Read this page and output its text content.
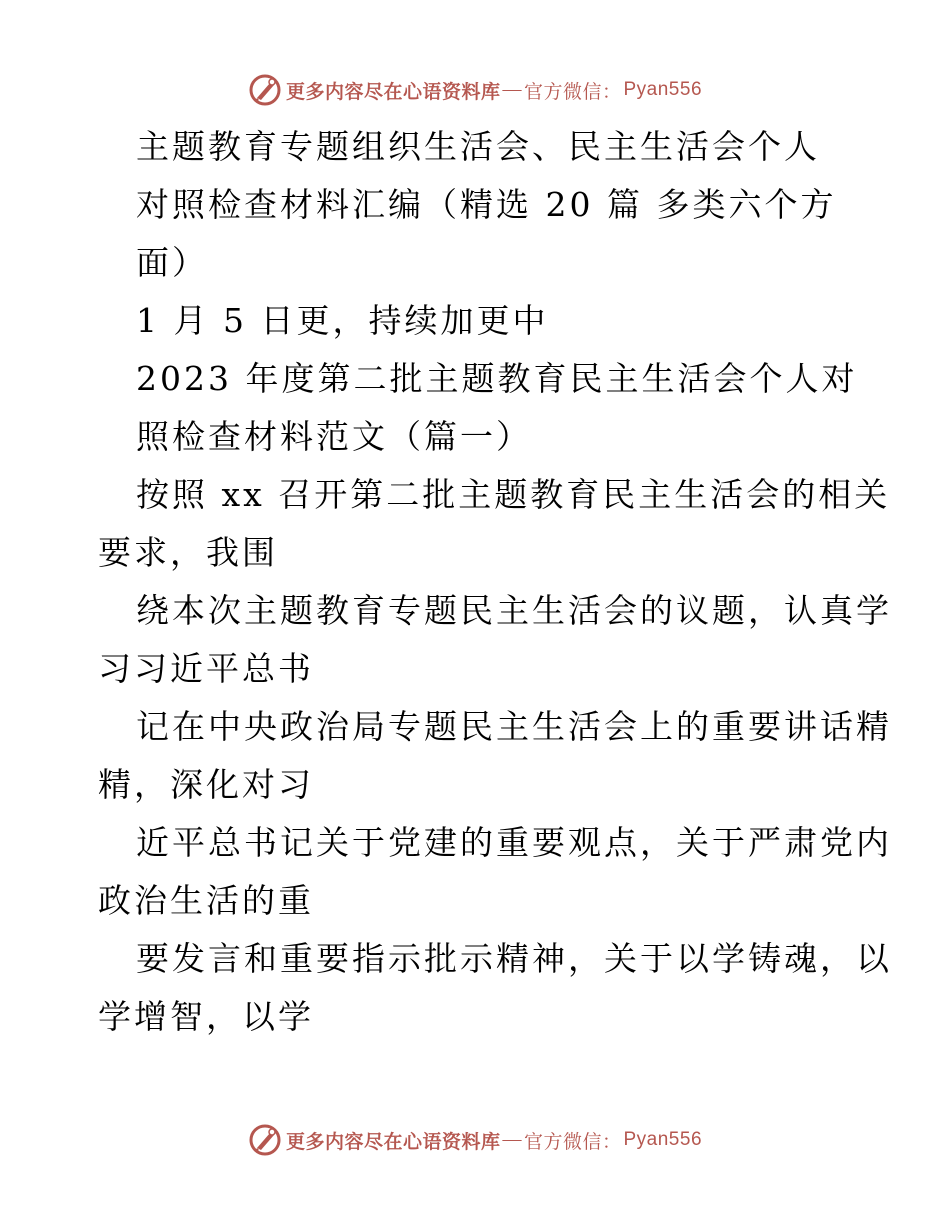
更多内容尽在心语资料库 — 官方微信： Pyan556
主题教育专题组织生活会、民主生活会个人
对照检查材料汇编（精选 20 篇 多类六个方
面）
1 月 5 日更，持续加更中
2023 年度第二批主题教育民主生活会个人对
照检查材料范文（篇一）
按照 xx 召开第二批主题教育民主生活会的相关
要求，我围
绕本次主题教育专题民主生活会的议题，认真学
习习近平总书
记在中央政治局专题民主生活会上的重要讲话精
精，深化对习
近平总书记关于党建的重要观点，关于严肃党内
政治生活的重
要发言和重要指示批示精神，关于以学铸魂，以
学增智，以学
更多内容尽在心语资料库 — 官方微信： Pyan556
